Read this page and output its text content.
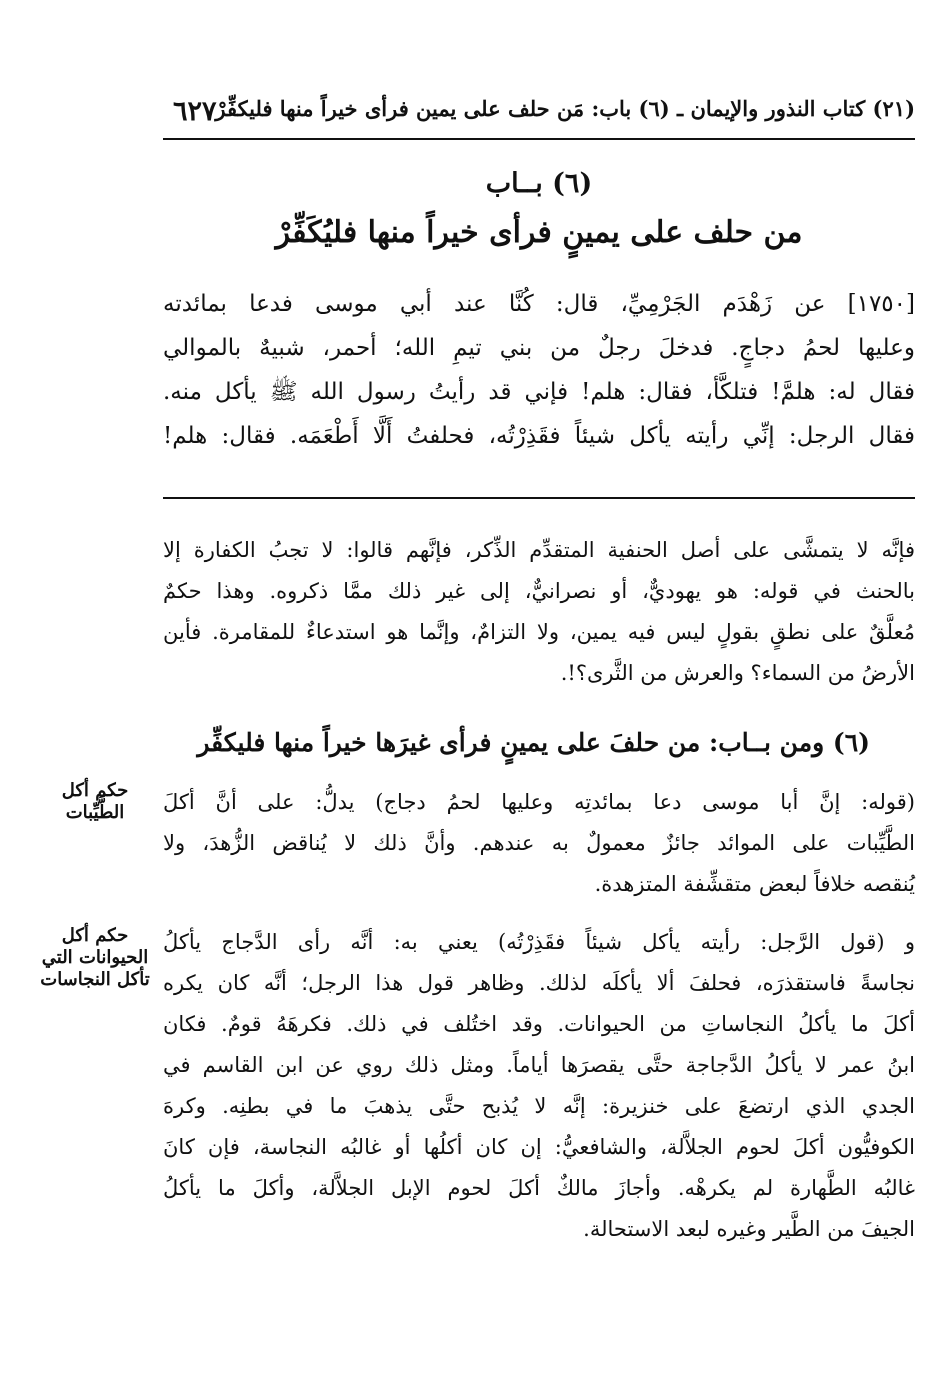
٦٢٧
(٢١) كتاب النذور والإيمان ـ (٦) باب: مَن حلف على يمين فرأى خيراً منها فليكفِّرْ
(٦) بــاب
من حلف على يمينٍ فرأى خيراً منها فليُكَفِّرْ
[١٧٥٠] عن زَهْدَم الجَرْمِيِّ، قال: كُنَّا عند أبي موسى فدعا بمائدته
وعليها لحمُ دجاجٍ. فدخلَ رجلٌ من بني تيمِ الله؛ أحمر، شبيهٌ بالموالي
فقال له: هلمَّ! فتلكَّأ، فقال: هلم! فإني قد رأيتُ رسول الله ﷺ يأكل منه.
فقال الرجل: إنِّي رأيته يأكل شيئاً فقَذِرْتُه، فحلفتُ أَلَّا أَطْعَمَه. فقال: هلم!
فإنَّه لا يتمشَّى على أصل الحنفية المتقدِّم الذِّكر، فإنَّهم قالوا: لا تجبُ الكفارة إلا
بالحنث في قوله: هو يهوديٌّ، أو نصرانيٌّ، إلى غير ذلك ممَّا ذكروه. وهذا حكمٌ
مُعلَّقٌ على نطقٍ بقولٍ ليس فيه يمين، ولا التزامٌ، وإنَّما هو استدعاءٌ للمقامرة. فأين
الأرضُ من السماء؟ والعرش من الثَّرى؟!.
(٦) ومن بــاب: من حلفَ على يمينٍ فرأى غيرَها خيراً منها فليكفِّر
(قوله: إنَّ أبا موسى دعا بمائدتِه وعليها لحمُ دجاج) يدلُّ: على أنَّ أكلَ
الطَّيِّبات على الموائد جائزٌ معمولٌ به عندهم. وأنَّ ذلك لا يُناقض الزُّهدَ، ولا
يُنقصه خلافاً لبعض متقشِّفة المتزهدة.
و (قول الرَّجل: رأيته يأكل شيئاً فقَذِرْتُه) يعني به: أنَّه رأى الدَّجاج يأكلُ
نجاسةً فاستقذرَه، فحلفَ ألا يأكلَه لذلك. وظاهر قول هذا الرجل؛ أنَّه كان يكره
أكلَ ما يأكلُ النجاساتِ من الحيوانات. وقد اختُلف في ذلك. فكرهَهُ قومٌ. فكان
ابنُ عمر لا يأكلُ الدَّجاجة حتَّى يقصرَها أياماً. ومثل ذلك روي عن ابن القاسم في
الجدي الذي ارتضعَ على خنزيرة: إنَّه لا يُذبح حتَّى يذهبَ ما في بطنِه. وكرهَ
الكوفيُّون أكلَ لحوم الجلاَّلة، والشافعيُّ: إن كان أكلُها أو غالبُه النجاسة، فإن كانَ
غالبُه الطَّهارة لم يكرهْه. وأجازَ مالكٌ أكلَ لحوم الإبل الجلاَّلة، وأكلَ ما يأكلُ
الجيفَ من الطَّير وغيره لبعد الاستحالة.
حكم أكل الطَّيِّبات
حكم أكل الحيوانات التي تأكل النجاسات
